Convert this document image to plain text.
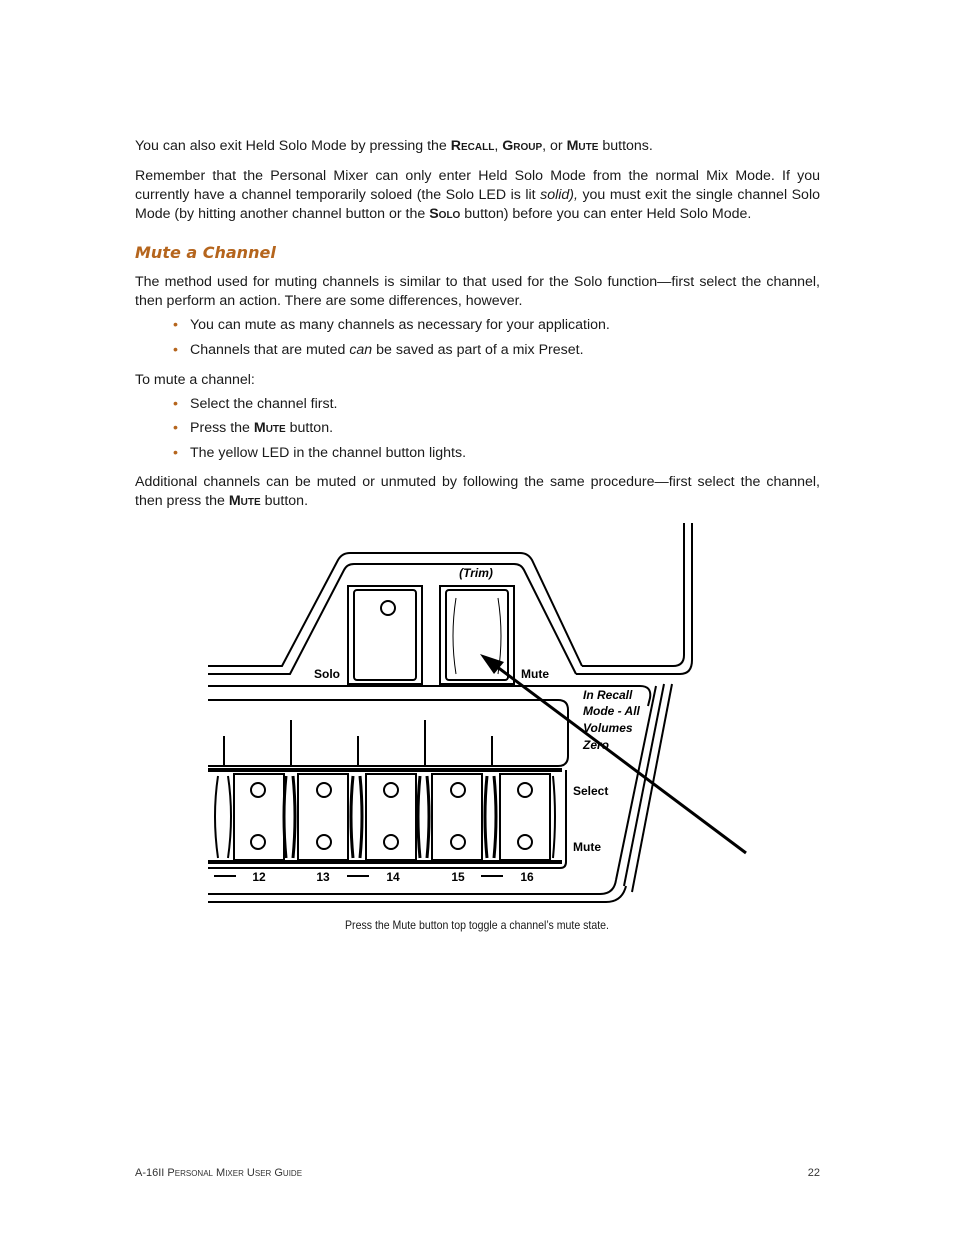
You can also exit Held Solo Mode by pressing the Recall, Group, or Mute buttons.

Remember that the Personal Mixer can only enter Held Solo Mode from the normal Mix Mode. If you currently have a channel temporarily soloed (the Solo LED is lit solid), you must exit the single channel Solo Mode (by hitting another channel button or the Solo button) before you can enter Held Solo Mode.

Mute a Channel

The method used for muting channels is similar to that used for the Solo function—first select the channel, then perform an action. There are some differences, however.

• You can mute as many channels as necessary for your application.
• Channels that are muted can be saved as part of a mix Preset.

To mute a channel:

• Select the channel first.
• Press the Mute button.
• The yellow LED in the channel button lights.

Additional channels can be muted or unmuted by following the same procedure—first select the channel, then press the Mute button.

(Trim)
Solo	Mute
In Recall
Mode - All
Volumes
Zero
Select
Mute
12	13	14	15	16
Press the Mute button top toggle a channel’s mute state.
A-16II Personal Mixer User Guide	22
